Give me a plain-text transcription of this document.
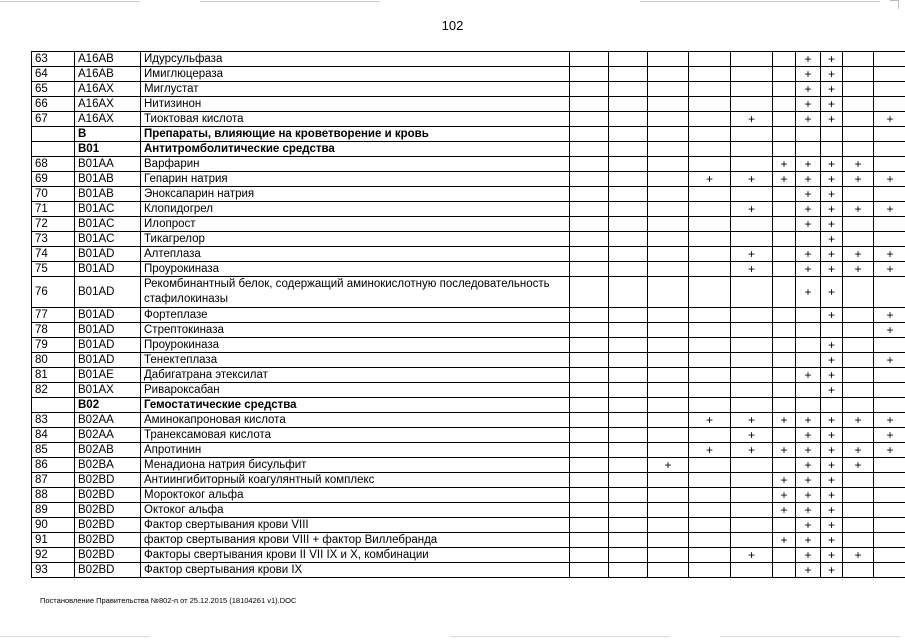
102
63	A16AB	Идурсульфаза							+	+		
64	A16AB	Имиглюцераза							+	+		
65	A16AX	Миглустат							+	+		
66	A16AX	Нитизинон							+	+		
67	A16AX	Тиоктовая кислота					+		+	+		+
	B	Препараты, влияющие на кроветворение и кровь										
	B01	Антитромболитические средства										
68	B01AA	Варфарин						+	+	+	+	
69	B01AB	Гепарин натрия				+	+	+	+	+	+	+
70	B01AB	Эноксапарин натрия							+	+		
71	B01AC	Клопидогрел					+		+	+	+	+
72	B01AC	Илопрост							+	+		
73	B01AC	Тикагрелор								+		
74	B01AD	Алтеплаза					+		+	+	+	+
75	B01AD	Проурокиназа					+		+	+	+	+
76	B01AD	Рекомбинантный белок, содержащий аминокислотную последовательность стафилокиназы							+	+		
77	B01AD	Фортеплазе								+		+
78	B01AD	Стрептокиназа										+
79	B01AD	Проурокиназа								+		
80	B01AD	Тенектеплаза								+		+
81	B01AE	Дабигатрана этексилат							+	+		
82	B01AX	Ривароксабан								+		
	B02	Гемостатические средства										
83	B02AA	Аминокапроновая кислота				+	+	+	+	+	+	+
84	B02AA	Транексамовая кислота					+		+	+		+
85	B02AB	Апротинин				+	+	+	+	+	+	+
86	B02BA	Менадиона натрия бисульфит			+				+	+	+	
87	B02BD	Антиингибиторный коагулянтный комплекс						+	+	+		
88	B02BD	Мороктоког альфа						+	+	+		
89	B02BD	Октоког альфа						+	+	+		
90	B02BD	Фактор свертывания крови VIII							+	+		
91	B02BD	фактор свертывания крови VIII + фактор Виллебранда						+	+	+		
92	B02BD	Факторы свертывания крови II VII IX и X, комбинации					+		+	+	+	
93	B02BD	Фактор свертывания крови IX							+	+		
Постановление Правительства №802-п от 25.12.2015 (18104261 v1).DOC
